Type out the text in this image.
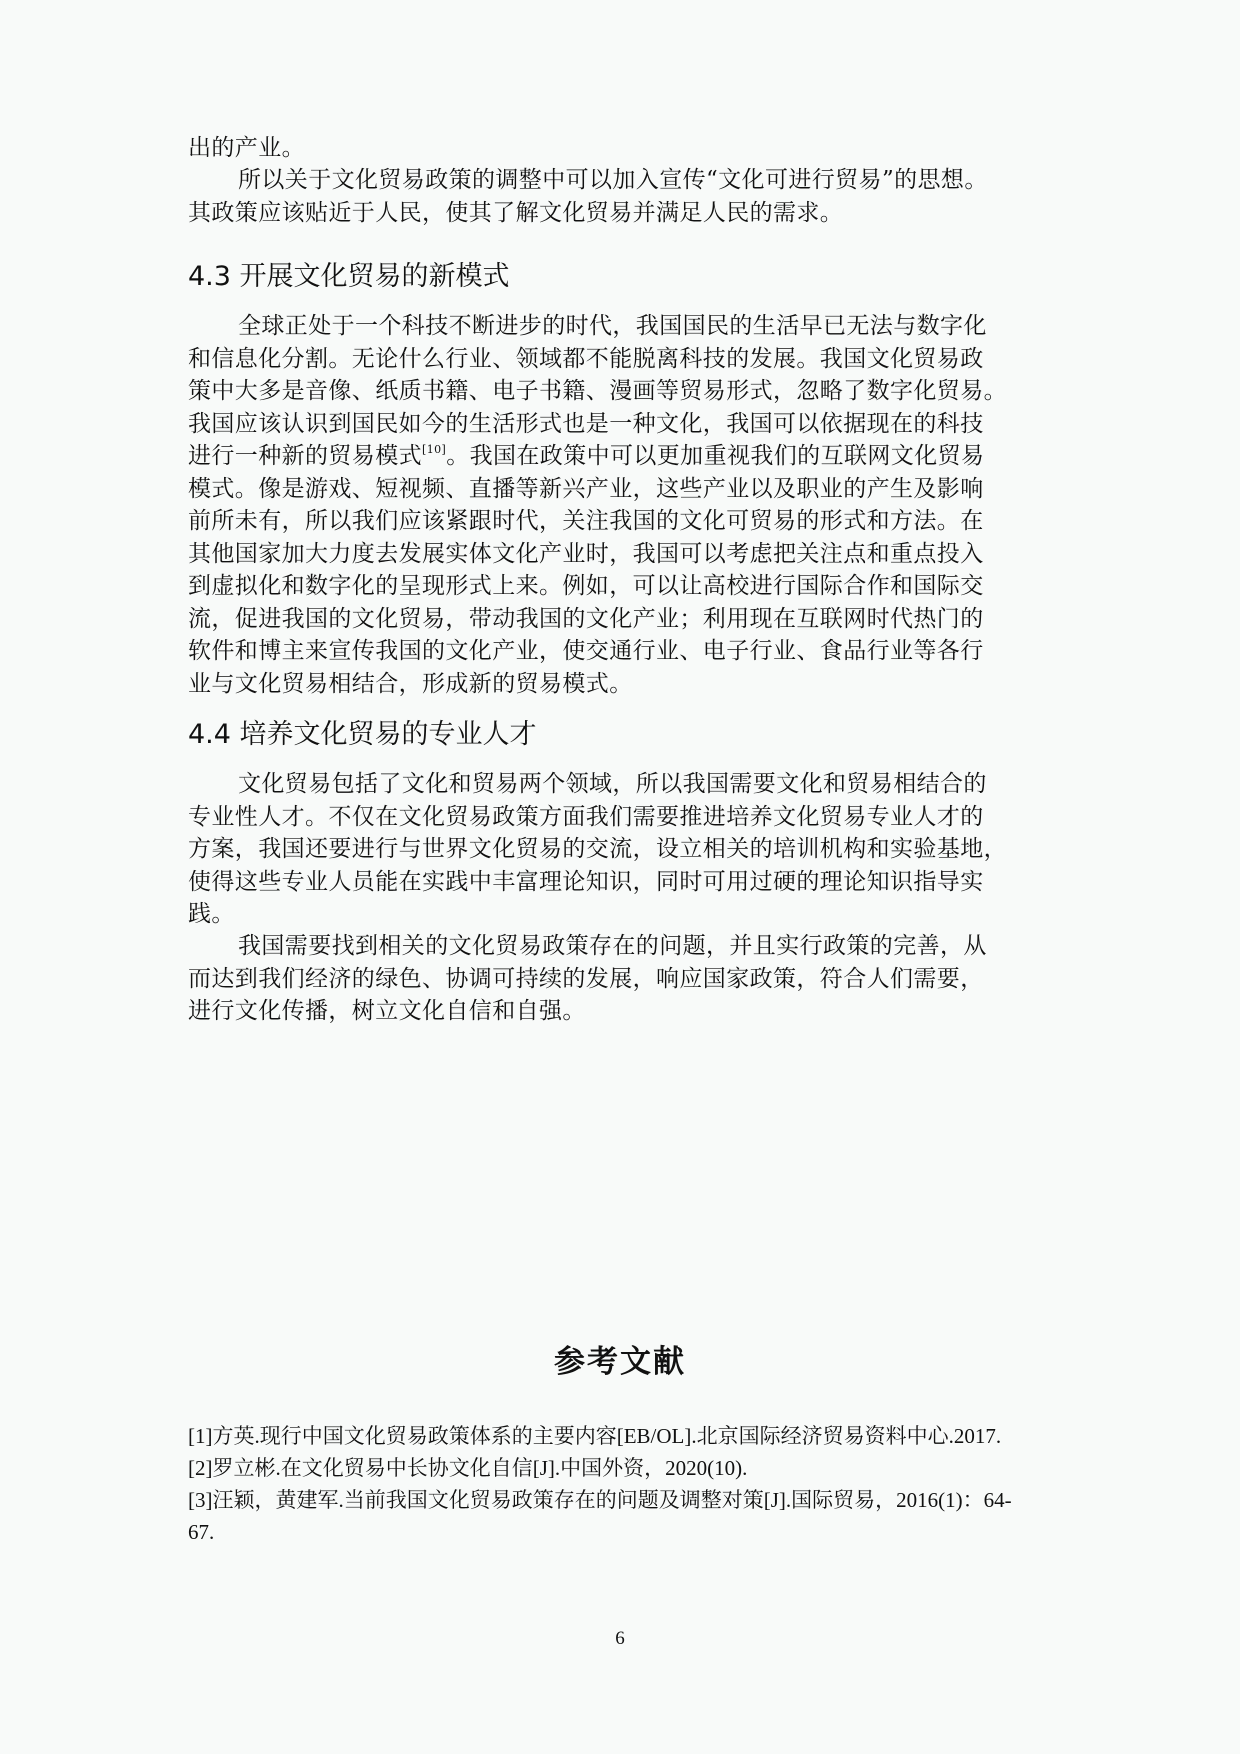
出的产业。
所以关于文化贸易政策的调整中可以加入宣传“文化可进行贸易”的思想。
其政策应该贴近于人民，使其了解文化贸易并满足人民的需求。
4.3 开展文化贸易的新模式
全球正处于一个科技不断进步的时代，我国国民的生活早已无法与数字化
和信息化分割。无论什么行业、领域都不能脱离科技的发展。我国文化贸易政
策中大多是音像、纸质书籍、电子书籍、漫画等贸易形式，忽略了数字化贸易。
我国应该认识到国民如今的生活形式也是一种文化，我国可以依据现在的科技
进行一种新的贸易模式[10]。我国在政策中可以更加重视我们的互联网文化贸易
模式。像是游戏、短视频、直播等新兴产业，这些产业以及职业的产生及影响
前所未有，所以我们应该紧跟时代，关注我国的文化可贸易的形式和方法。在
其他国家加大力度去发展实体文化产业时，我国可以考虑把关注点和重点投入
到虚拟化和数字化的呈现形式上来。例如，可以让高校进行国际合作和国际交
流，促进我国的文化贸易，带动我国的文化产业；利用现在互联网时代热门的
软件和博主来宣传我国的文化产业，使交通行业、电子行业、食品行业等各行
业与文化贸易相结合，形成新的贸易模式。
4.4 培养文化贸易的专业人才
文化贸易包括了文化和贸易两个领域，所以我国需要文化和贸易相结合的
专业性人才。不仅在文化贸易政策方面我们需要推进培养文化贸易专业人才的
方案，我国还要进行与世界文化贸易的交流，设立相关的培训机构和实验基地，
使得这些专业人员能在实践中丰富理论知识，同时可用过硬的理论知识指导实
践。
我国需要找到相关的文化贸易政策存在的问题，并且实行政策的完善，从
而达到我们经济的绿色、协调可持续的发展，响应国家政策，符合人们需要，
进行文化传播，树立文化自信和自强。
参考文献
[1]方英.现行中国文化贸易政策体系的主要内容[EB/OL].北京国际经济贸易资料中心.2017.
[2]罗立彬.在文化贸易中长协文化自信[J].中国外资，2020(10).
[3]汪颖，黄建军.当前我国文化贸易政策存在的问题及调整对策[J].国际贸易，2016(1)：64-
67.
6
